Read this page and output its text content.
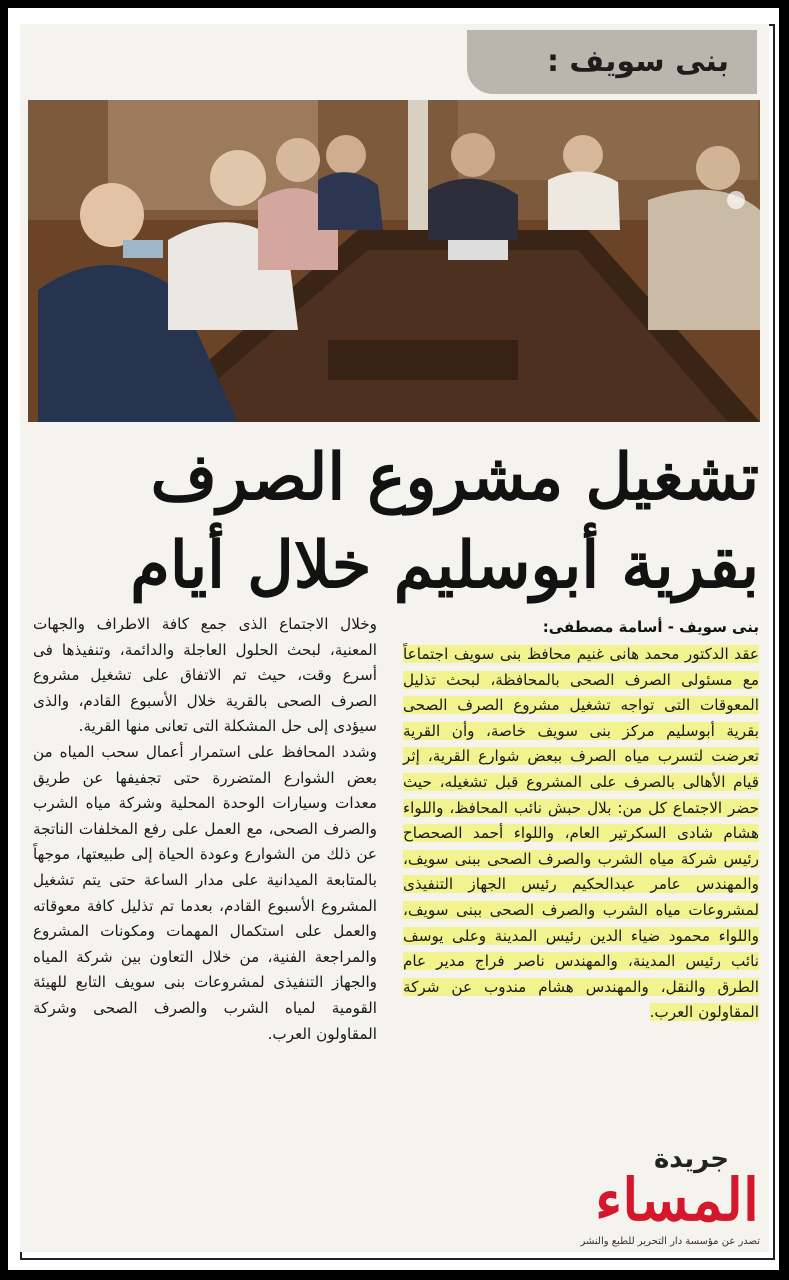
بنى سويف :
تشغيل مشروع الصرف
بقرية أبوسليم خلال أيام
بنى سويف - أسامة مصطفى:

عقد الدكتور محمد هانى غنيم محافظ بنى سويف اجتماعاً مع مسئولى الصرف الصحى بالمحافظة، لبحث تذليل المعوقات التى تواجه تشغيل مشروع الصرف الصحى بقرية أبوسليم مركز بنى سويف خاصة، وأن القرية تعرضت لتسرب مياه الصرف ببعض شوارع القرية، إثر قيام الأهالى بالصرف على المشروع قبل تشغيله، حيث حضر الاجتماع كل من: بلال حبش نائب المحافظ، واللواء هشام شادى السكرتير العام، واللواء أحمد الصحصاح رئيس شركة مياه الشرب والصرف الصحى ببنى سويف، والمهندس عامر عبدالحكيم رئيس الجهاز التنفيذى لمشروعات مياه الشرب والصرف الصحى ببنى سويف، واللواء محمود ضياء الدين رئيس المدينة وعلى يوسف نائب رئيس المدينة، والمهندس ناصر فراج مدير عام الطرق والنقل، والمهندس هشام مندوب عن شركة المقاولون العرب.

وخلال الاجتماع الذى جمع كافة الاطراف والجهات المعنية، لبحث الحلول العاجلة والدائمة، وتنفيذها فى أسرع وقت، حيث تم الاتفاق على تشغيل مشروع الصرف الصحى بالقرية خلال الأسبوع القادم، والذى سيؤدى إلى حل المشكلة التى تعانى منها القرية.

وشدد المحافظ على استمرار أعمال سحب المياه من بعض الشوارع المتضررة حتى تجفيفها عن طريق معدات وسيارات الوحدة المحلية وشركة مياه الشرب والصرف الصحى، مع العمل على رفع المخلفات الناتجة عن ذلك من الشوارع وعودة الحياة إلى طبيعتها، موجهاً بالمتابعة الميدانية على مدار الساعة حتى يتم تشغيل المشروع الأسبوع القادم، بعدما تم تذليل كافة معوقاته والعمل على استكمال المهمات ومكونات المشروع والمراجعة الفنية، من خلال التعاون بين شركة المياه والجهاز التنفيذى لمشروعات بنى سويف التابع للهيئة القومية لمياه الشرب والصرف الصحى وشركة المقاولون العرب.

جريدة
المساء
تصدر عن مؤسسة دار التحرير للطبع والنشر
